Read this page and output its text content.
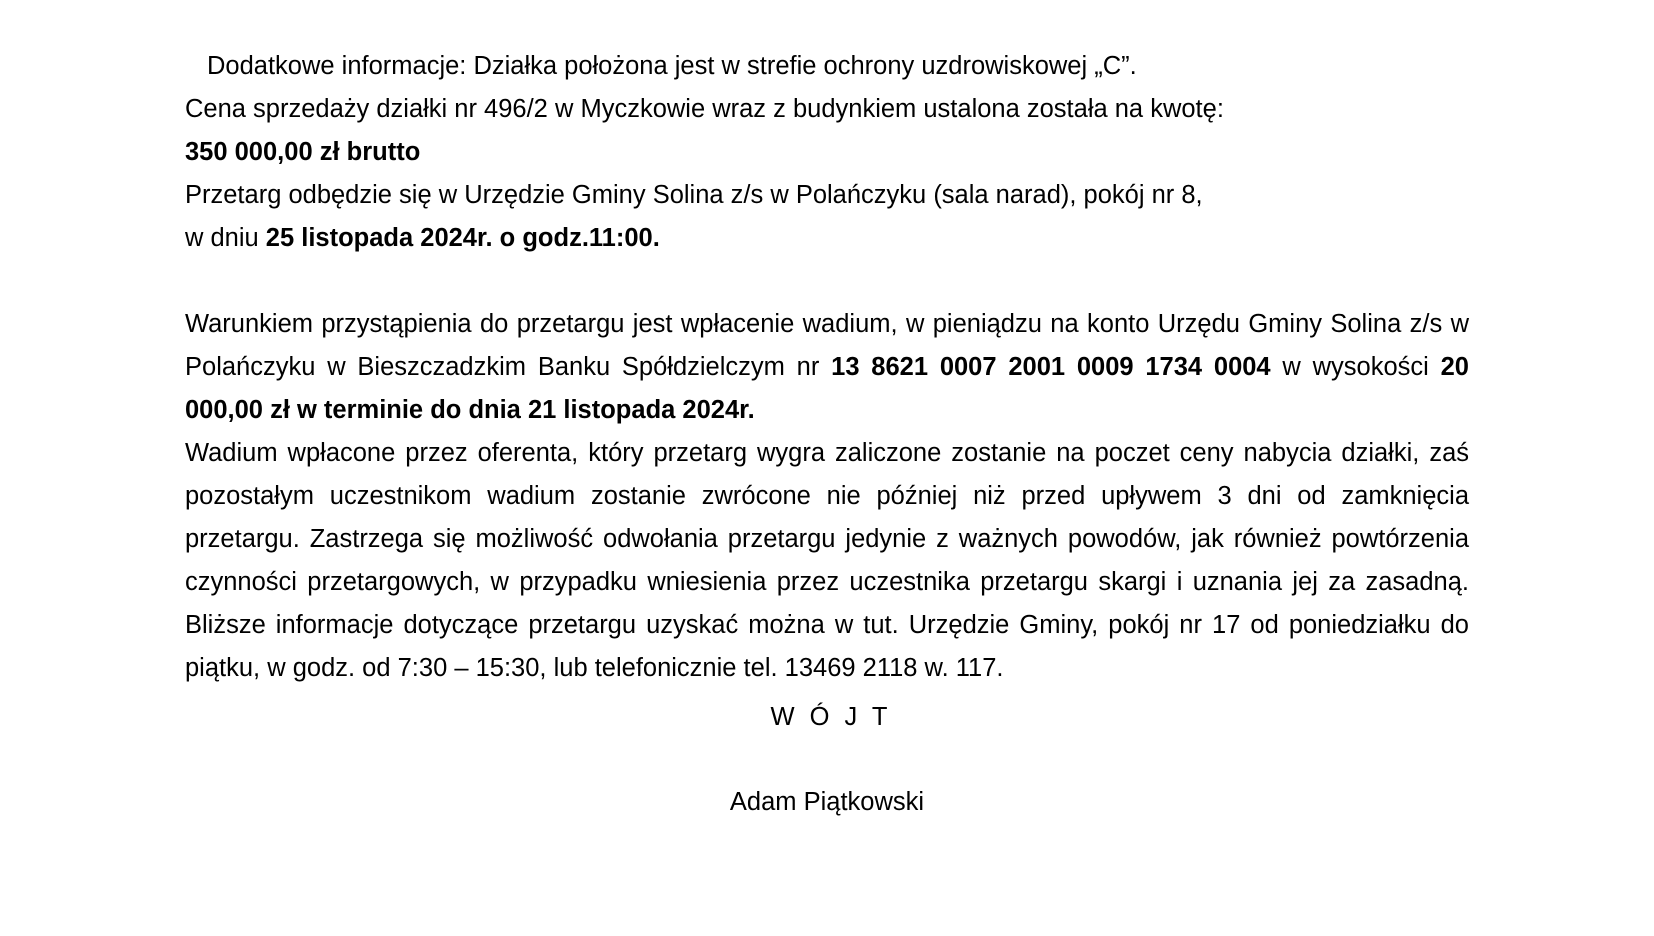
Dodatkowe informacje: Działka położona jest w strefie ochrony uzdrowiskowej „C”.

Cena sprzedaży działki nr 496/2 w Myczkowie wraz z budynkiem ustalona została na kwotę:

350 000,00 zł brutto

Przetarg odbędzie się w Urzędzie Gminy Solina z/s w Polańczyku (sala narad), pokój nr 8,

w dniu 25 listopada 2024r. o godz.11:00.

Warunkiem przystąpienia do przetargu jest wpłacenie wadium, w pieniądzu na konto Urzędu Gminy Solina z/s w Polańczyku w Bieszczadzkim Banku Spółdzielczym nr 13 8621 0007 2001 0009 1734 0004 w wysokości 20 000,00 zł w terminie do dnia 21 listopada 2024r.

Wadium wpłacone przez oferenta, który przetarg wygra zaliczone zostanie na poczet ceny nabycia działki, zaś pozostałym uczestnikom wadium zostanie zwrócone nie później niż przed upływem 3 dni od zamknięcia przetargu. Zastrzega się możliwość odwołania przetargu jedynie z ważnych powodów, jak również powtórzenia czynności przetargowych, w przypadku wniesienia przez uczestnika przetargu skargi i uznania jej za zasadną. Bliższe informacje dotyczące przetargu uzyskać można w tut. Urzędzie Gminy, pokój nr 17 od poniedziałku do piątku, w godz. od 7:30 – 15:30, lub telefonicznie tel. 13469 2118 w. 117.

W Ó J T

Adam Piątkowski
